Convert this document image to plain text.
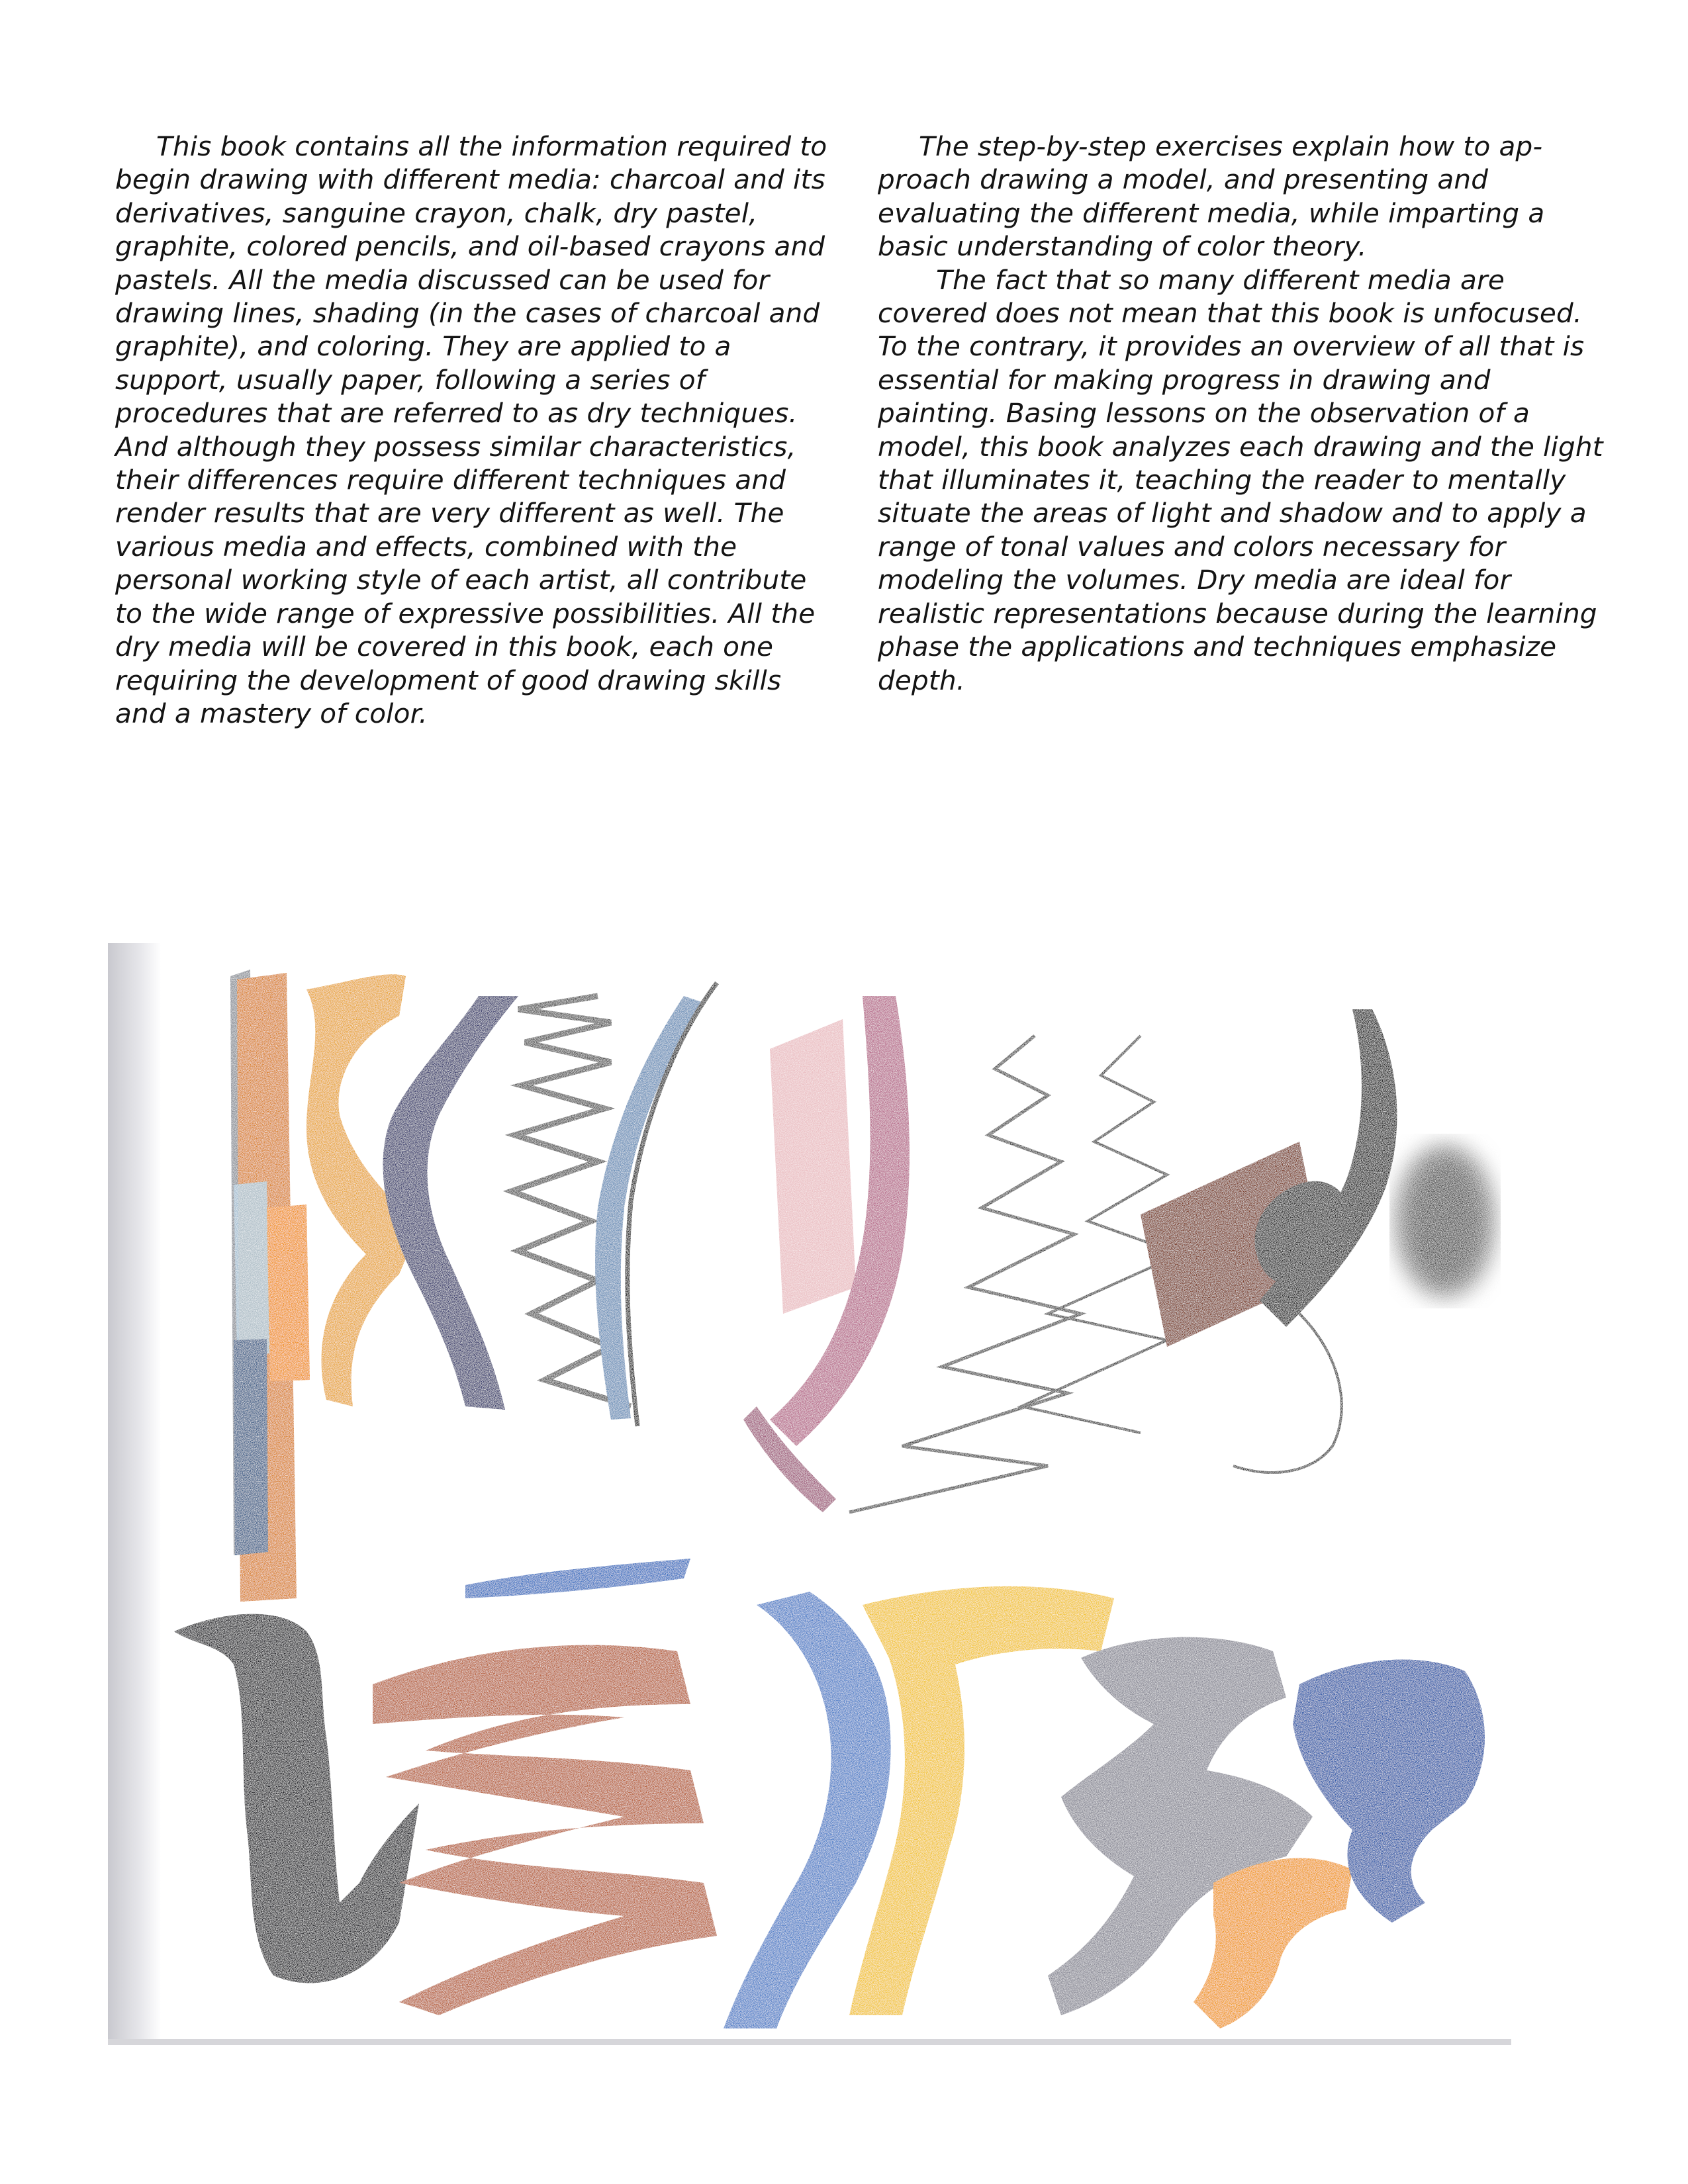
This book contains all the information required to begin drawing with different media: charcoal and its derivatives, sanguine crayon, chalk, dry pastel, graphite, colored pencils, and oil-based crayons and pastels. All the media discussed can be used for drawing lines, shading (in the cases of charcoal and graphite), and coloring. They are applied to a support, usually paper, following a series of procedures that are referred to as dry techniques. And although they possess similar characteristics, their differences require different techniques and render results that are very different as well. The various media and effects, combined with the personal working style of each artist, all contribute to the wide range of expressive possibilities. All the dry media will be covered in this book, each one requiring the development of good drawing skills and a mastery of color.

The step-by-step exercises explain how to approach drawing a model, and presenting and evaluating the different media, while imparting a basic understanding of color theory.

The fact that so many different media are covered does not mean that this book is unfocused. To the contrary, it provides an overview of all that is essential for making progress in drawing and painting. Basing lessons on the observation of a model, this book analyzes each drawing and the light that illuminates it, teaching the reader to mentally situate the areas of light and shadow and to apply a range of tonal values and colors necessary for modeling the volumes. Dry media are ideal for realistic representations because during the learning phase the applications and techniques emphasize depth.
